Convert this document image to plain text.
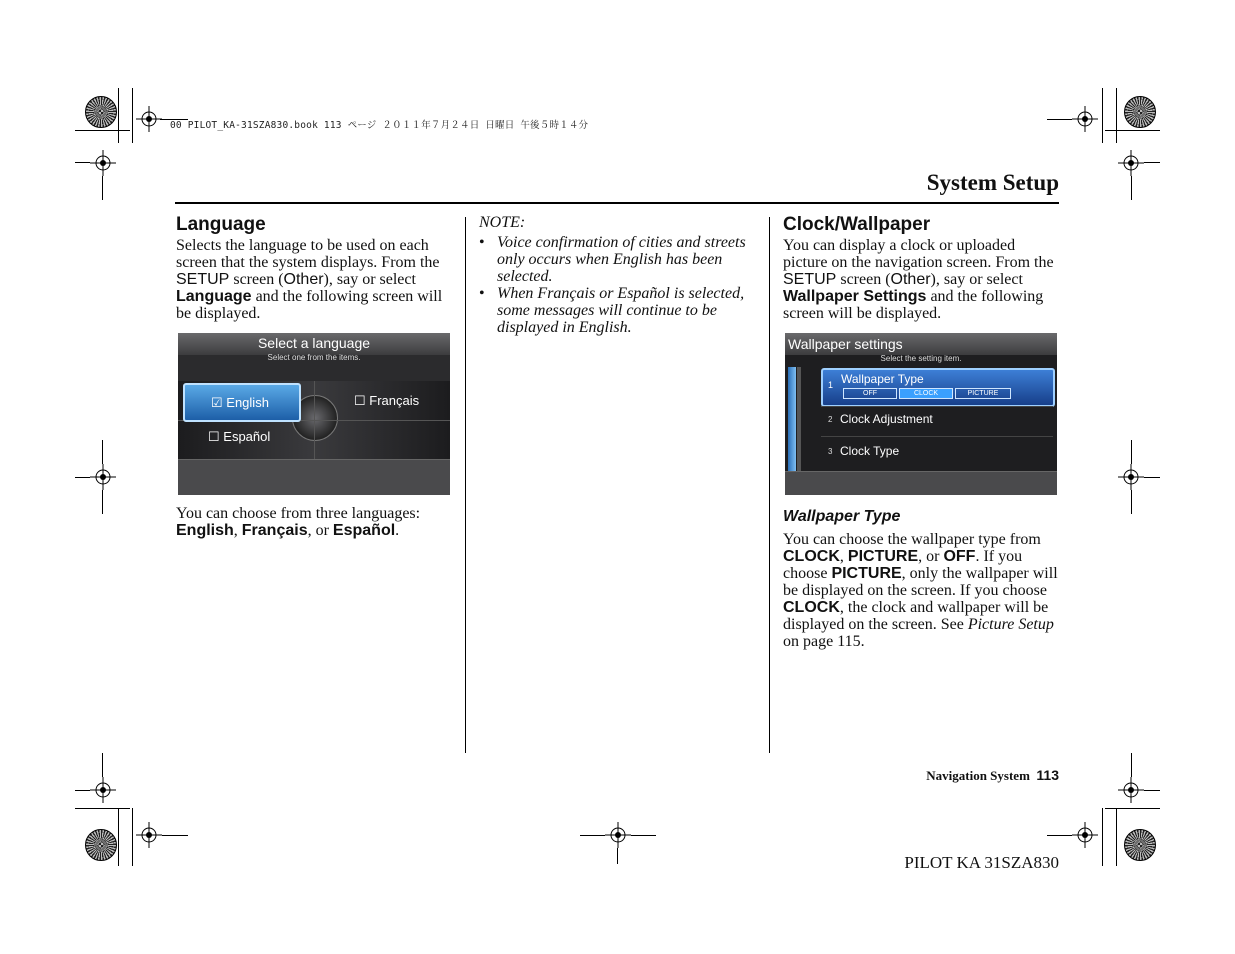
00 PILOT_KA-31SZA830.book 113 ページ ２０１１年７月２４日 日曜日 午後５時１４分
System Setup
Language
Selects the language to be used on each screen that the system displays. From the SETUP screen (Other), say or select Language and the following screen will be displayed.
Select a language
Select one from the items.
☑ English	☐ Français
☐ Español
You can choose from three languages: English, Français, or Español.
NOTE:
• Voice confirmation of cities and streets only occurs when English has been selected.
• When Français or Español is selected, some messages will continue to be displayed in English.
Clock/Wallpaper
You can display a clock or uploaded picture on the navigation screen. From the SETUP screen (Other), say or select Wallpaper Settings and the following screen will be displayed.
Wallpaper settings
Select the setting item.
1 Wallpaper Type
OFF	CLOCK	PICTURE
2 Clock Adjustment
3 Clock Type
Wallpaper Type
You can choose the wallpaper type from CLOCK, PICTURE, or OFF. If you choose PICTURE, only the wallpaper will be displayed on the screen. If you choose CLOCK, the clock and wallpaper will be displayed on the screen. See Picture Setup on page 115.
Navigation System 113
PILOT KA 31SZA830
